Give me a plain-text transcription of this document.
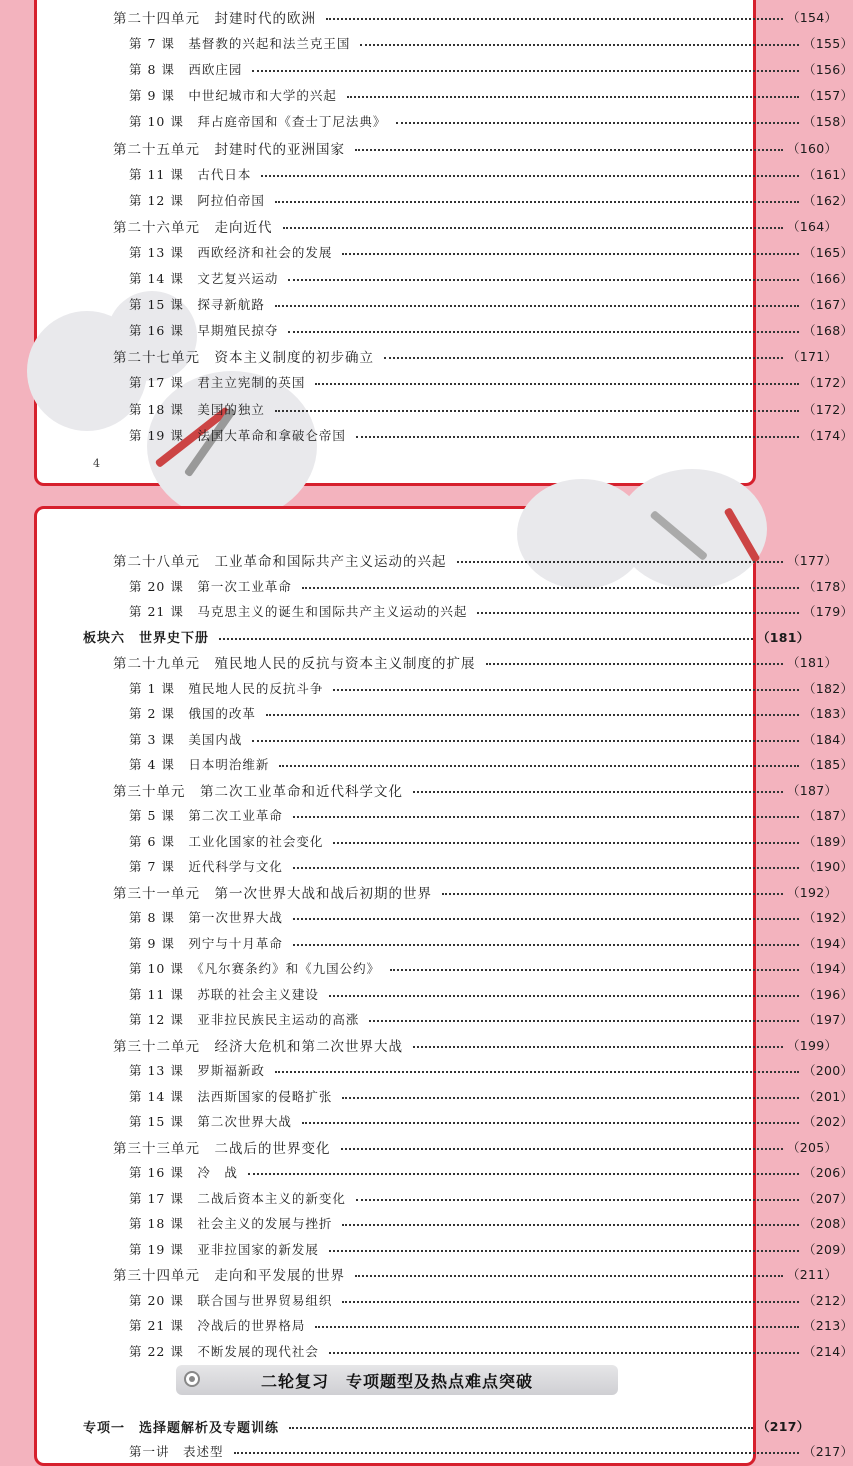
第二十四单元　封建时代的欧洲	（154）
第 7 课　基督教的兴起和法兰克王国	（155）
第 8 课　西欧庄园	（156）
第 9 课　中世纪城市和大学的兴起	（157）
第 10 课　拜占庭帝国和《查士丁尼法典》	（158）
第二十五单元　封建时代的亚洲国家	（160）
第 11 课　古代日本	（161）
第 12 课　阿拉伯帝国	（162）
第二十六单元　走向近代	（164）
第 13 课　西欧经济和社会的发展	（165）
第 14 课　文艺复兴运动	（166）
第 15 课　探寻新航路	（167）
第 16 课　早期殖民掠夺	（168）
第二十七单元　资本主义制度的初步确立	（171）
第 17 课　君主立宪制的英国	（172）
第 18 课　美国的独立	（172）
第 19 课　法国大革命和拿破仑帝国	（174）
4
第二十八单元　工业革命和国际共产主义运动的兴起	（177）
第 20 课　第一次工业革命	（178）
第 21 课　马克思主义的诞生和国际共产主义运动的兴起	（179）
板块六　世界史下册	（181）
第二十九单元　殖民地人民的反抗与资本主义制度的扩展	（181）
第 1 课　殖民地人民的反抗斗争	（182）
第 2 课　俄国的改革	（183）
第 3 课　美国内战	（184）
第 4 课　日本明治维新	（185）
第三十单元　第二次工业革命和近代科学文化	（187）
第 5 课　第二次工业革命	（187）
第 6 课　工业化国家的社会变化	（189）
第 7 课　近代科学与文化	（190）
第三十一单元　第一次世界大战和战后初期的世界	（192）
第 8 课　第一次世界大战	（192）
第 9 课　列宁与十月革命	（194）
第 10 课　《凡尔赛条约》和《九国公约》	（194）
第 11 课　苏联的社会主义建设	（196）
第 12 课　亚非拉民族民主运动的高涨	（197）
第三十二单元　经济大危机和第二次世界大战	（199）
第 13 课　罗斯福新政	（200）
第 14 课　法西斯国家的侵略扩张	（201）
第 15 课　第二次世界大战	（202）
第三十三单元　二战后的世界变化	（205）
第 16 课　冷　战	（206）
第 17 课　二战后资本主义的新变化	（207）
第 18 课　社会主义的发展与挫折	（208）
第 19 课　亚非拉国家的新发展	（209）
第三十四单元　走向和平发展的世界	（211）
第 20 课　联合国与世界贸易组织	（212）
第 21 课　冷战后的世界格局	（213）
第 22 课　不断发展的现代社会	（214）
二轮复习　专项题型及热点难点突破
专项一　选择题解析及专题训练	（217）
第一讲　表述型	（217）
